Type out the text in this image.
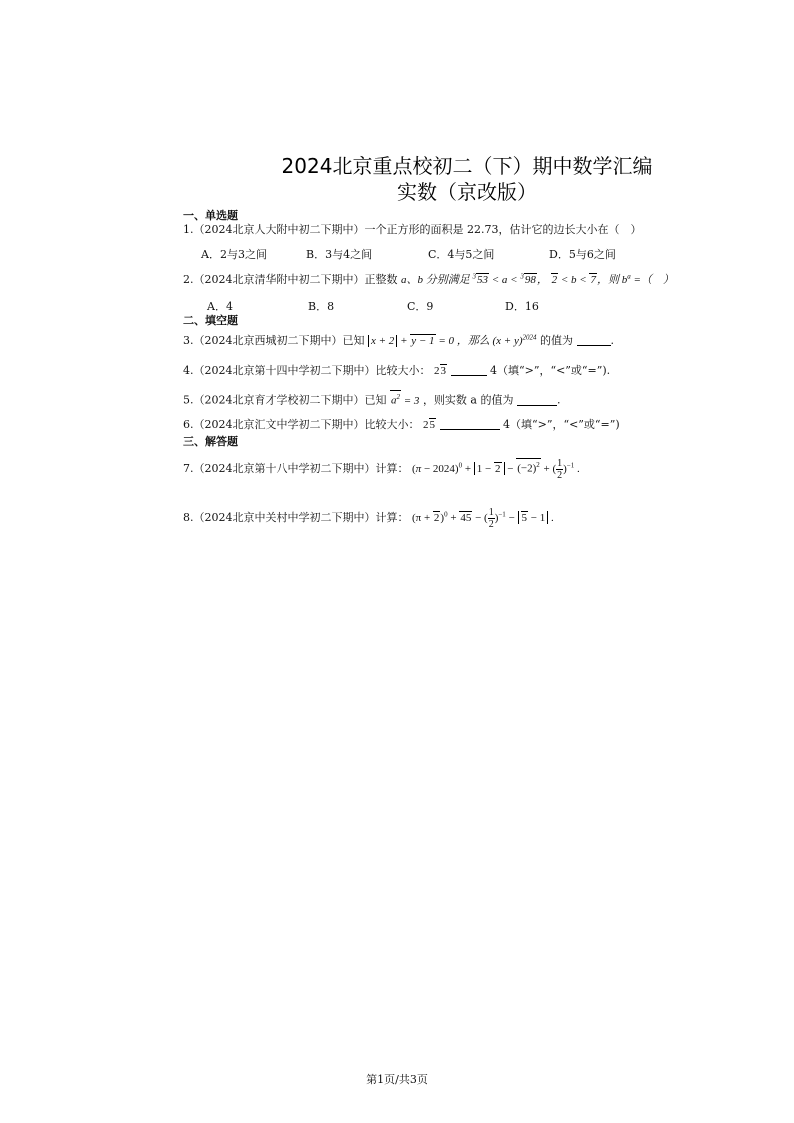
2024北京重点校初二（下）期中数学汇编
实数（京改版）
一、单选题
1.（2024北京人大附中初二下期中）一个正方形的面积是 22.73，估计它的边长大小在（　）
A．2与3之间	B．3与4之间	C．4与5之间	D．5与6之间
2.（2024北京清华附中初二下期中）正整数 a、b 分别满足 $^3$53 < a < $^3$98， 2 < b < 7，则 $b^a$ =（　）
A．4	B．8	C．9	D．16
二、填空题
3.（2024北京西城初二下期中）已知 x + 2 + y − 1 = 0 ，那么 $(x + y)^{2024}$ 的值为	.
4.（2024北京第十四中学初二下期中）比较大小： 23	4（填“>”，“<”或“=”).
5.（2024北京育才学校初二下期中）已知 $a^2 = 3$ ，则实数 a 的值为	.
6.（2024北京汇文中学初二下期中）比较大小： 25	4（填“>”，“<”或“=”)
三、解答题
7.（2024北京第十八中学初二下期中）计算： $(\pi - 2024)^0 + 1 - 2 - (-2)^2$ + ( $\frac{1}{2} )^{-1}$ .
8.（2024北京中关村中学初二下期中）计算： $(\pi + 2)^0 + 45$ − ( $\frac{1}{2} )^{-1} - 5 - 1$ .
第1页/共3页
